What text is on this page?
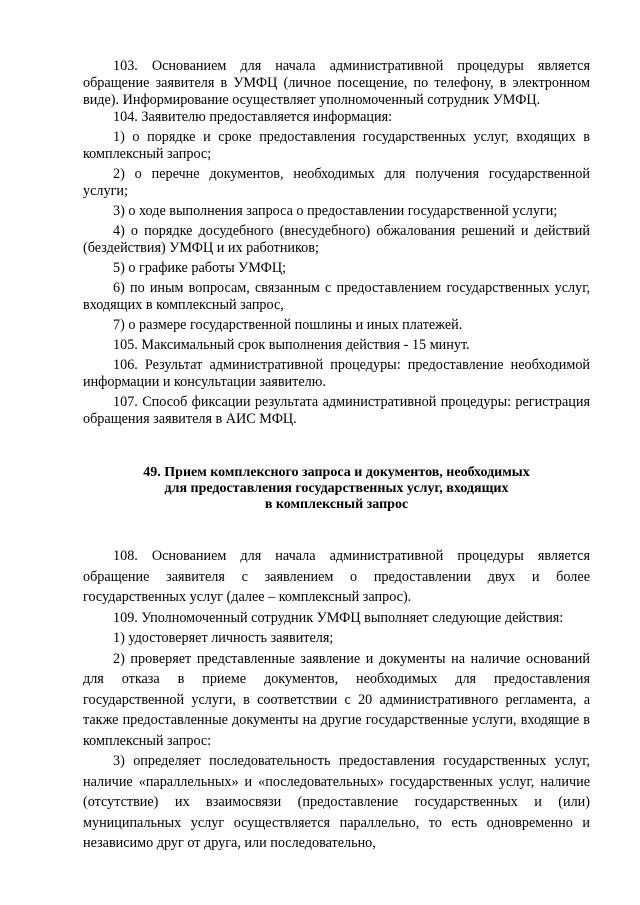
103. Основанием для начала административной процедуры является обращение заявителя в УМФЦ (личное посещение, по телефону, в электронном виде). Информирование осуществляет уполномоченный сотрудник УМФЦ.

104. Заявителю предоставляется информация:

1) о порядке и сроке предоставления государственных услуг, входящих в комплексный запрос;

2) о перечне документов, необходимых для получения государственной услуги;

3) о ходе выполнения запроса о предоставлении государственной услуги;

4) о порядке досудебного (внесудебного) обжалования решений и действий (бездействия) УМФЦ и их работников;

5) о графике работы УМФЦ;

6) по иным вопросам, связанным с предоставлением государственных услуг, входящих в комплексный запрос,

7) о размере государственной пошлины и иных платежей.

105. Максимальный срок выполнения действия - 15 минут.

106. Результат административной процедуры: предоставление необходимой информации и консультации заявителю.

107. Способ фиксации результата административной процедуры: регистрация обращения заявителя в АИС МФЦ.

49. Прием комплексного запроса и документов, необходимых
для предоставления государственных услуг, входящих
в комплексный запрос

108. Основанием для начала административной процедуры является обращение заявителя с заявлением о предоставлении двух и более государственных услуг (далее – комплексный запрос).

109. Уполномоченный сотрудник УМФЦ выполняет следующие действия:

1) удостоверяет личность заявителя;

2) проверяет представленные заявление и документы на наличие оснований для отказа в приеме документов, необходимых для предоставления государственной услуги, в соответствии с 20 административного регламента, а также предоставленные документы на другие государственные услуги, входящие в комплексный запрос:

3) определяет последовательность предоставления государственных услуг, наличие «параллельных» и «последовательных» государственных услуг, наличие (отсутствие) их взаимосвязи (предоставление государственных и (или) муниципальных услуг осуществляется параллельно, то есть одновременно и независимо друг от друга, или последовательно,
